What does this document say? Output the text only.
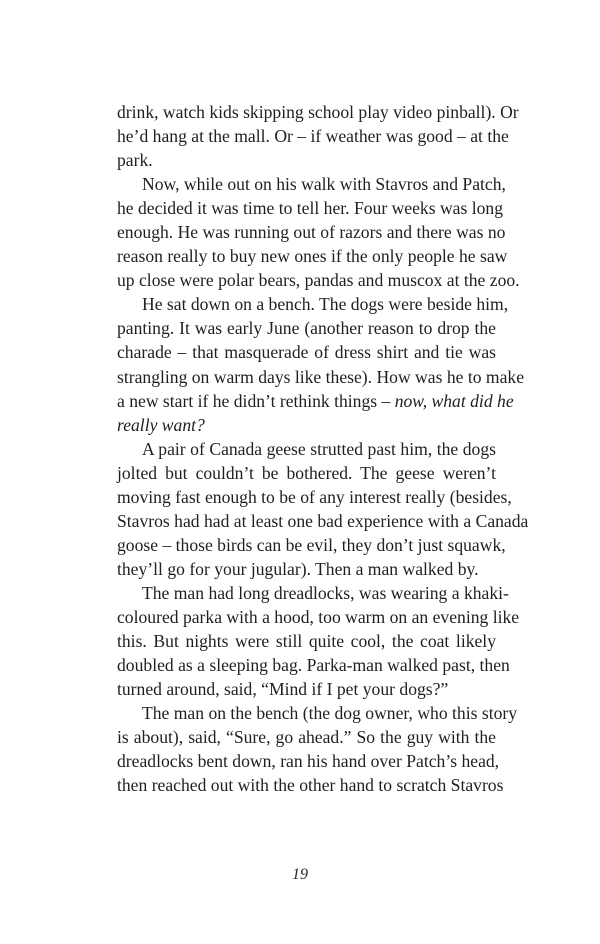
drink, watch kids skipping school play video pinball). Or
he’d hang at the mall. Or – if weather was good – at the
park.
Now, while out on his walk with Stavros and Patch,
he decided it was time to tell her. Four weeks was long
enough. He was running out of razors and there was no
reason really to buy new ones if the only people he saw
up close were polar bears, pandas and muscox at the zoo.
He sat down on a bench. The dogs were beside him,
panting. It was early June (another reason to drop the
charade – that masquerade of dress shirt and tie was
strangling on warm days like these). How was he to make
a new start if he didn’t rethink things – now, what did he
really want?
A pair of Canada geese strutted past him, the dogs
jolted but couldn’t be bothered. The geese weren’t
moving fast enough to be of any interest really (besides,
Stavros had had at least one bad experience with a Canada
goose – those birds can be evil, they don’t just squawk,
they’ll go for your jugular). Then a man walked by.
The man had long dreadlocks, was wearing a khaki-
coloured parka with a hood, too warm on an evening like
this. But nights were still quite cool, the coat likely
doubled as a sleeping bag. Parka-man walked past, then
turned around, said, “Mind if I pet your dogs?”
The man on the bench (the dog owner, who this story
is about), said, “Sure, go ahead.” So the guy with the
dreadlocks bent down, ran his hand over Patch’s head,
then reached out with the other hand to scratch Stavros
19
